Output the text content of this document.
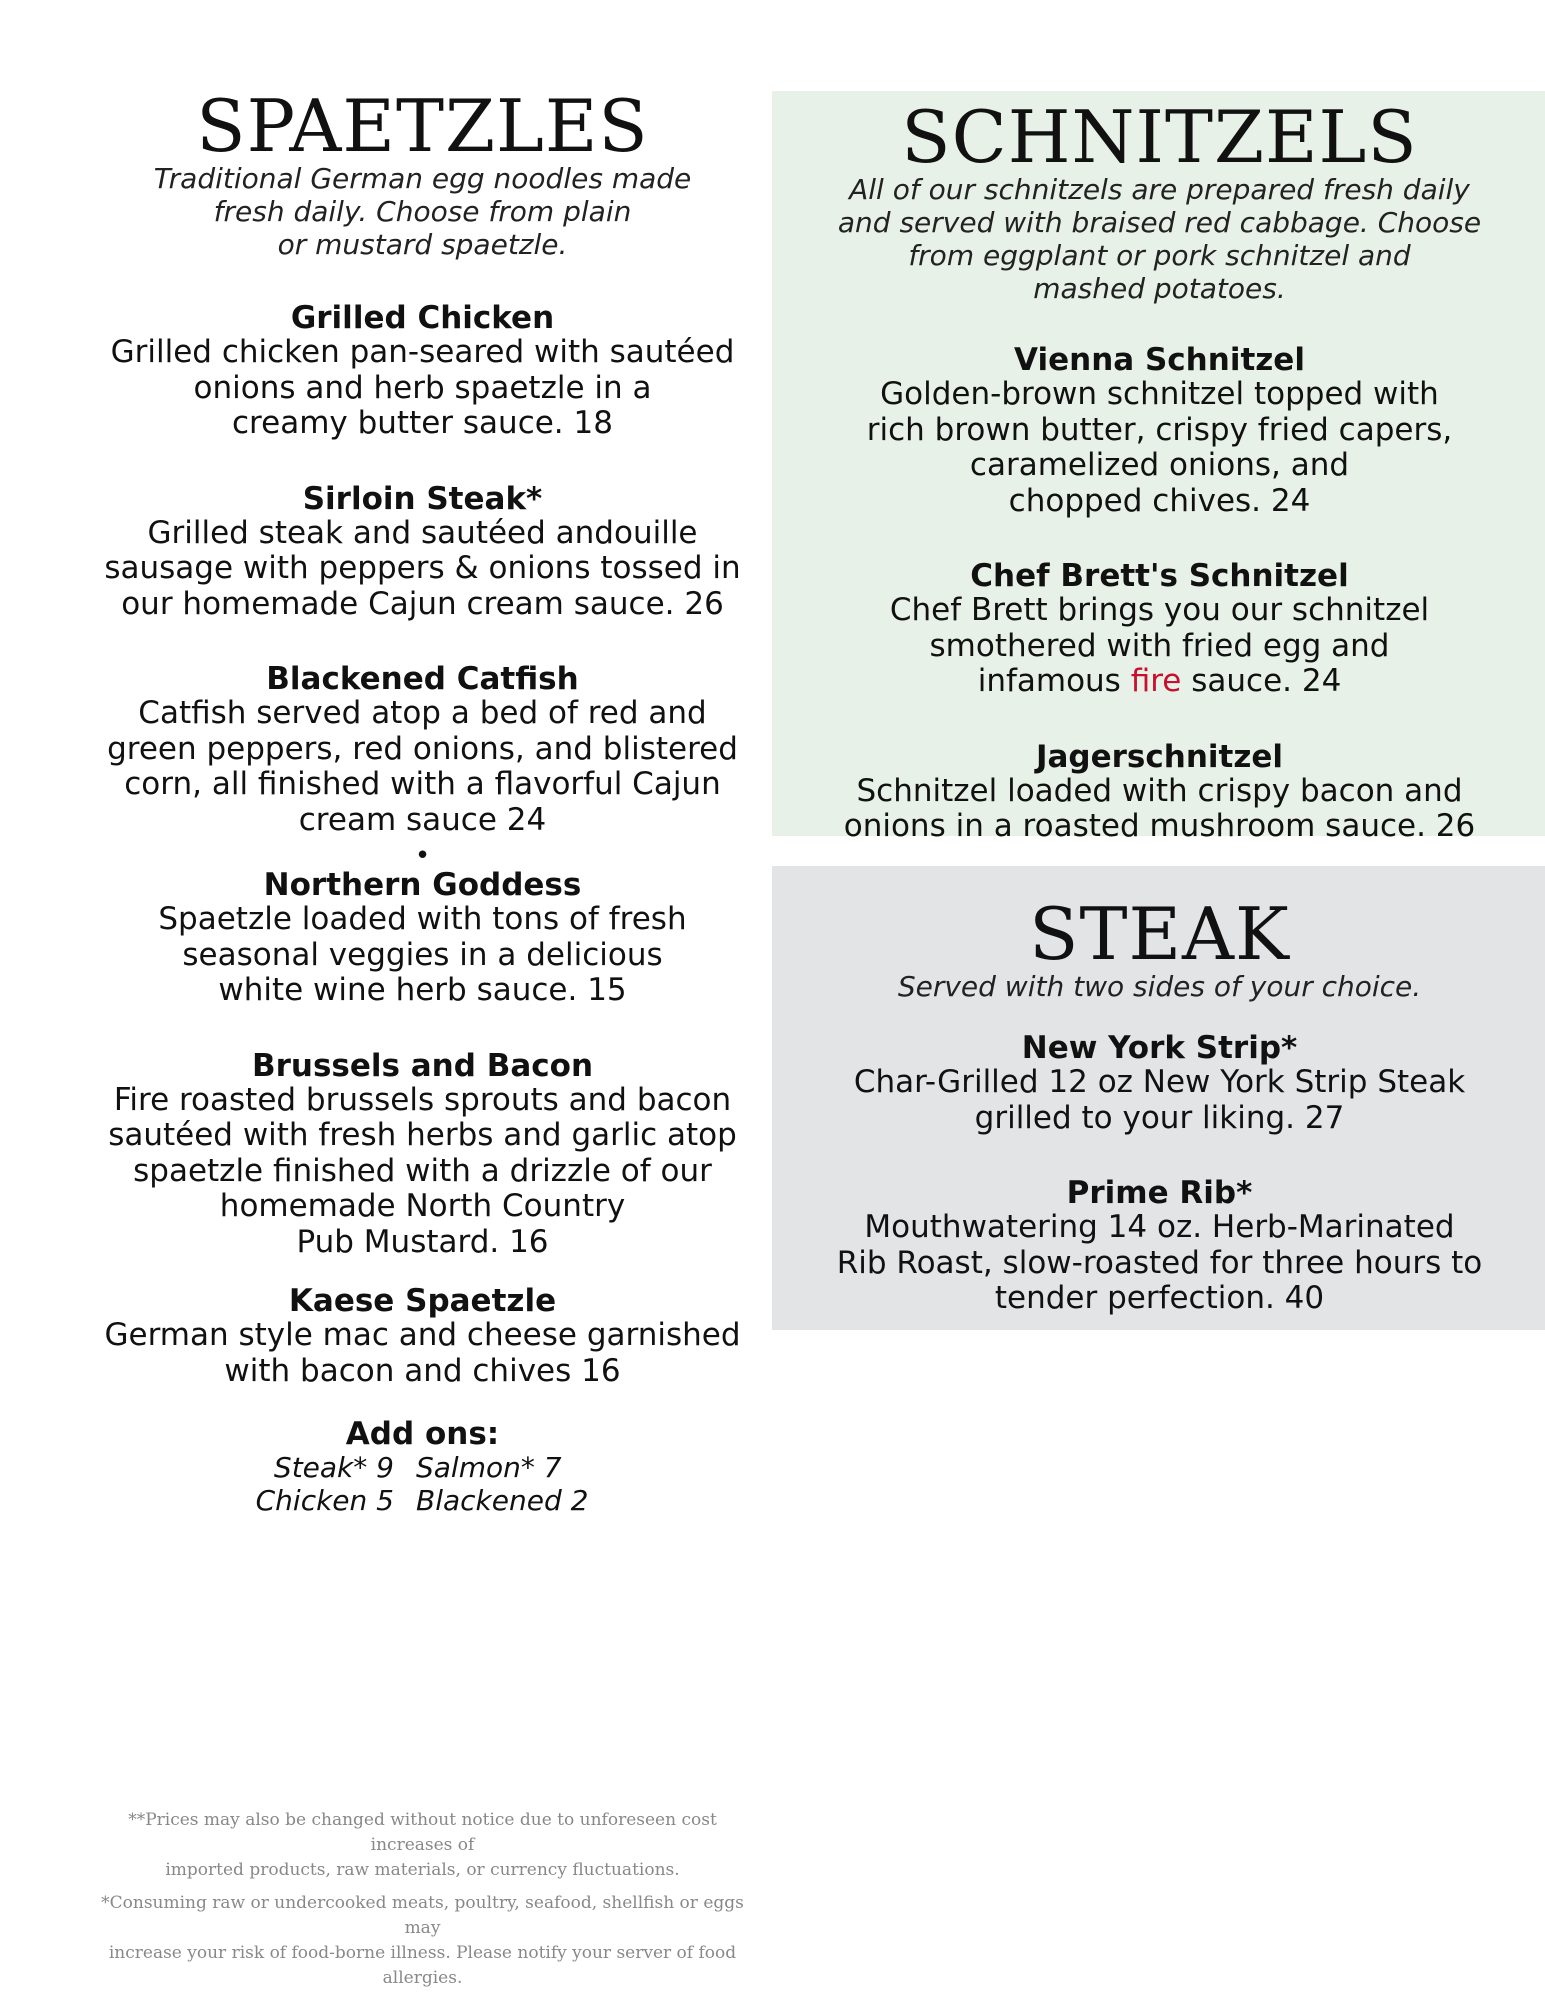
SPAETZLES
Traditional German egg noodles made
fresh daily. Choose from plain
or mustard spaetzle.
Grilled Chicken
Grilled chicken pan-seared with sautéed
onions and herb spaetzle in a
creamy butter sauce. 18
Sirloin Steak*
Grilled steak and sautéed andouille
sausage with peppers & onions tossed in
our homemade Cajun cream sauce. 26
Blackened Catfish
Catfish served atop a bed of red and
green peppers, red onions, and blistered
corn, all finished with a flavorful Cajun
cream sauce 24
•
Northern Goddess
Spaetzle loaded with tons of fresh
seasonal veggies in a delicious
white wine herb sauce. 15
Brussels and Bacon
Fire roasted brussels sprouts and bacon
sautéed with fresh herbs and garlic atop
spaetzle finished with a drizzle of our
homemade North Country
Pub Mustard. 16
Kaese Spaetzle
German style mac and cheese garnished
with bacon and chives 16
Add ons:
Steak* 9 Salmon* 7
Chicken 5 Blackened 2
SCHNITZELS
All of our schnitzels are prepared fresh daily
and served with braised red cabbage. Choose
from eggplant or pork schnitzel and
mashed potatoes.
Vienna Schnitzel
Golden-brown schnitzel topped with
rich brown butter, crispy fried capers,
caramelized onions, and
chopped chives. 24
Chef Brett's Schnitzel
Chef Brett brings you our schnitzel
smothered with fried egg and
infamous fire sauce. 24
Jagerschnitzel
Schnitzel loaded with crispy bacon and
onions in a roasted mushroom sauce. 26
STEAK
Served with two sides of your choice.
New York Strip*
Char-Grilled 12 oz New York Strip Steak
grilled to your liking. 27
Prime Rib*
Mouthwatering 14 oz. Herb-Marinated
Rib Roast, slow-roasted for three hours to
tender perfection. 40

**Prices may also be changed without notice due to unforeseen cost increases of
imported products, raw materials, or currency fluctuations.

*Consuming raw or undercooked meats, poultry, seafood, shellfish or eggs may
increase your risk of food-borne illness. Please notify your server of food allergies.
